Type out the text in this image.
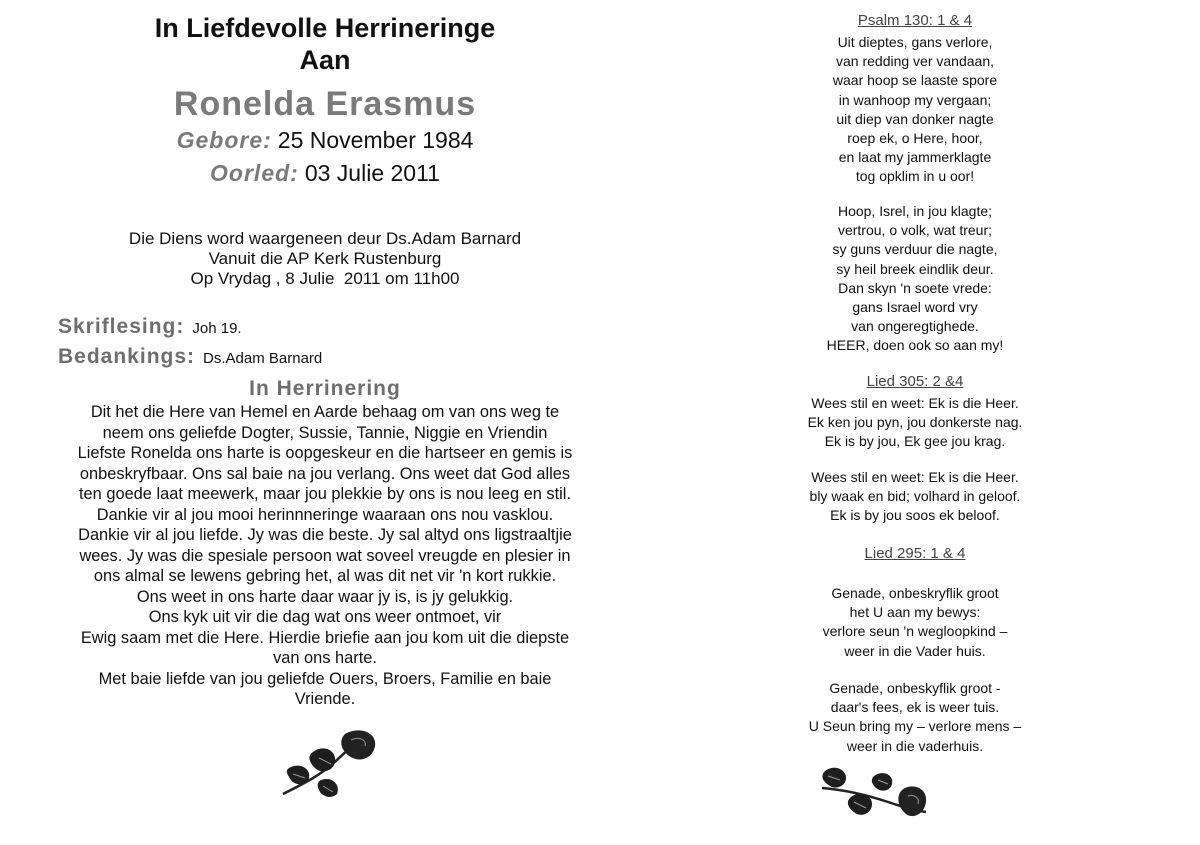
In Liefdevolle Herrineringe
Aan
Ronelda Erasmus
Gebore: 25 November 1984
Oorled: 03 Julie 2011
Die Diens word waargeneen deur Ds.Adam Barnard
Vanuit die AP Kerk Rustenburg
Op Vrydag , 8 Julie  2011 om 11h00
Skriflesing: Joh 19.
Bedankings: Ds.Adam Barnard
In Herrinering
Dit het die Here van Hemel en Aarde behaag om van ons weg te
neem ons geliefde Dogter, Sussie, Tannie, Niggie en Vriendin
Liefste Ronelda ons harte is oopgeskeur en die hartseer en gemis is
onbeskryfbaar. Ons sal baie na jou verlang. Ons weet dat God alles
ten goede laat meewerk, maar jou plekkie by ons is nou leeg en stil.
Dankie vir al jou mooi herinnneringe waaraan ons nou vasklou.
Dankie vir al jou liefde. Jy was die beste. Jy sal altyd ons ligstraaltjie
wees. Jy was die spesiale persoon wat soveel vreugde en plesier in
ons almal se lewens gebring het, al was dit net vir 'n kort rukkie.
Ons weet in ons harte daar waar jy is, is jy gelukkig.
Ons kyk uit vir die dag wat ons weer ontmoet, vir
Ewig saam met die Here. Hierdie briefie aan jou kom uit die diepste
van ons harte.
Met baie liefde van jou geliefde Ouers, Broers, Familie en baie
Vriende.
Psalm 130: 1 & 4
Uit dieptes, gans verlore,
van redding ver vandaan,
waar hoop se laaste spore
in wanhoop my vergaan;
uit diep van donker nagte
roep ek, o Here, hoor,
en laat my jammerklagte
tog opklim in u oor!
Hoop, Isrel, in jou klagte;
vertrou, o volk, wat treur;
sy guns verduur die nagte,
sy heil breek eindlik deur.
Dan skyn 'n soete vrede:
gans Israel word vry
van ongeregtighede.
HEER, doen ook so aan my!
Lied 305: 2 &4
Wees stil en weet: Ek is die Heer.
Ek ken jou pyn, jou donkerste nag.
Ek is by jou, Ek gee jou krag.
Wees stil en weet: Ek is die Heer.
bly waak en bid; volhard in geloof.
Ek is by jou soos ek beloof.
Lied 295: 1 & 4
Genade, onbeskryflik groot
het U aan my bewys:
verlore seun 'n wegloopkind –
weer in die Vader huis.
Genade, onbeskyflik groot -
daar's fees, ek is weer tuis.
U Seun bring my – verlore mens –
weer in die vaderhuis.
